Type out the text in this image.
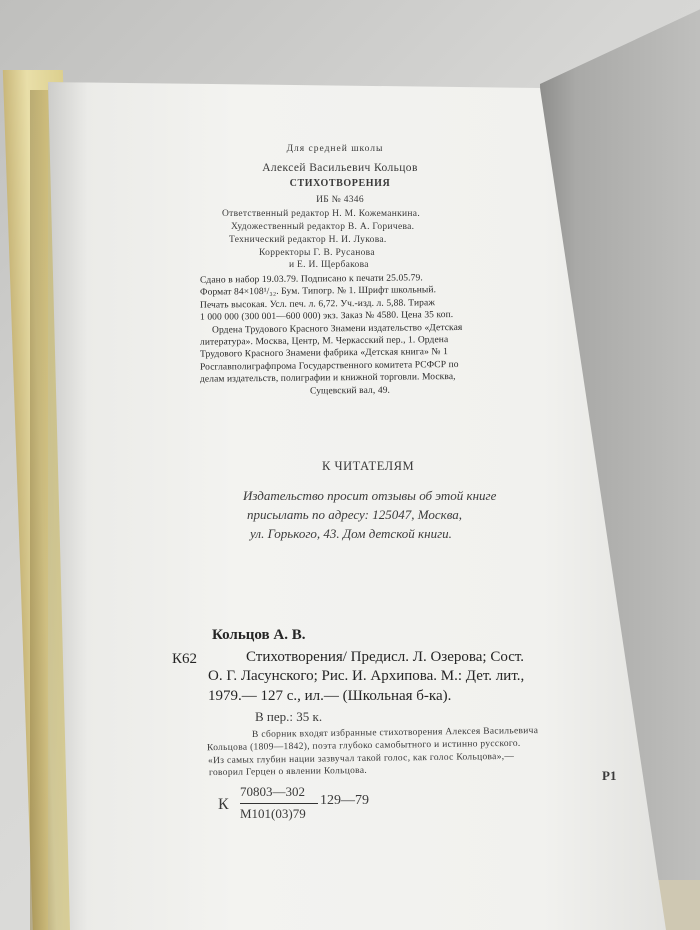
Для средней школы
Алексей Васильевич Кольцов
СТИХОТВОРЕНИЯ
ИБ № 4346
Ответственный редактор Н. М. Кожеманкина.
Художественный редактор В. А. Горичева.
Технический редактор Н. И. Лукова.
Корректоры Г. В. Русанова
и Е. И. Щербакова
Сдано в набор 19.03.79. Подписано к печати 25.05.79.
Формат 84×108¹/₃₂. Бум. Типогр. № 1. Шрифт школьный.
Печать высокая. Усл. печ. л. 6,72. Уч.-изд. л. 5,88. Тираж
1 000 000 (300 001—600 000) экз. Заказ № 4580. Цена 35 коп.
Ордена Трудового Красного Знамени издательство «Детская
литература». Москва, Центр, М. Черкасский пер., 1. Ордена
Трудового Красного Знамени фабрика «Детская книга» № 1
Росглавполиграфпрома Государственного комитета РСФСР по
делам издательств, полиграфии и книжной торговли. Москва,
Сущевский вал, 49.
К ЧИТАТЕЛЯМ
Издательство просит отзывы об этой книге
присылать по адресу: 125047, Москва,
ул. Горького, 43. Дом детской книги.
Кольцов А. В.
К62	Стихотворения/ Предисл. Л. Озерова; Сост.
О. Г. Ласунского; Рис. И. Архипова. М.: Дет. лит.,
1979.— 127 с., ил.— (Школьная б-ка).
В пер.: 35 к.
В сборник входят избранные стихотворения Алексея Васильевича
Кольцова (1809—1842), поэта глубоко самобытного и истинно русского.
«Из самых глубин нации зазвучал такой голос, как голос Кольцова»,—
говорил Герцен о явлении Кольцова.	Р1
К
70803—302
М101(03)79
129—79
